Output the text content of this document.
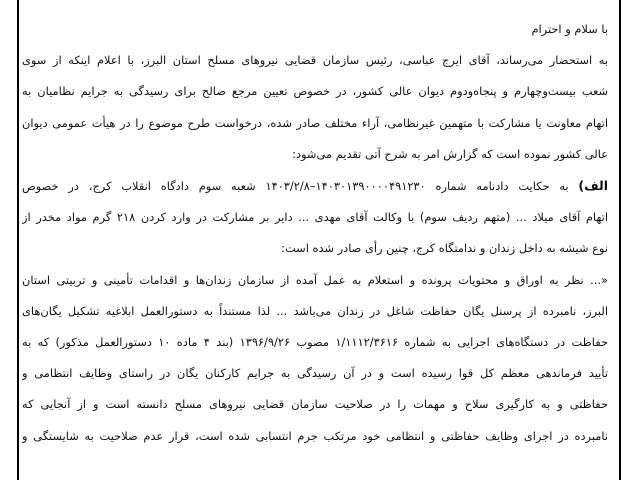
با سلام و احترام
به استحضار می‌رساند، آقای ایرج عباسی، رئیس سازمان قضایی نیروهای مسلح استان البرز، با اعلام اینکه از سوی
شعب بیست‌وچهارم و پنجاه‌ودوم دیوان عالی کشور، در خصوص تعیین مرجع صالح برای رسیدگی به جرایم نظامیان به
اتهام معاونت یا مشارکت با متهمین غیرنظامی، آراء مختلف صادر شده، درخواست طرح موضوع را در هیأت عمومی دیوان
عالی کشور نموده است که گزارش امر به شرح آتی تقدیم می‌شود:
الف) به حکایت دادنامه شماره ۱۴۰۳۰۱۳۹۰۰۰۰۴۹۱۲۳۰–۱۴۰۳/۲/۸ شعبه سوم دادگاه انقلاب کرج، در خصوص
اتهام آقای میلاد ... (متهم ردیف سوم) با وکالت آقای مهدی ... دایر بر مشارکت در وارد کردن ۲۱۸ گرم مواد مخدر از
نوع شیشه به داخل زندان و ندامتگاه کرج، چنین رأی صادر شده است:
«... نظر به اوراق و محتویات پرونده و استعلام به عمل آمده از سازمان زندان‌ها و اقدامات تأمینی و تربیتی استان
البرز، نامبرده از پرسنل یگان حفاظت شاغل در زندان می‌باشد ... لذا مستنداً به دستورالعمل ابلاغیه تشکیل یگان‌های
حفاظت در دستگاه‌های اجرایی به شماره ۱/۱۱۱۲/۳۶۱۶ مصوب ۱۳۹۶/۹/۲۶ (بند ۴ ماده ۱۰ دستورالعمل مذکور) که به
تأیید فرماندهی معظم کل قوا رسیده است و در آن رسیدگی به جرایم کارکنان یگان در راستای وظایف انتظامی و
حفاظتی و به کارگیری سلاح و مهمات را در صلاحیت سازمان قضایی نیروهای مسلح دانسته است و از آنجایی که
نامبرده در اجرای وظایف حفاظتی و انتظامی خود مرتکب جرم انتسابی شده است، قرار عدم صلاحیت به شایستگی و
